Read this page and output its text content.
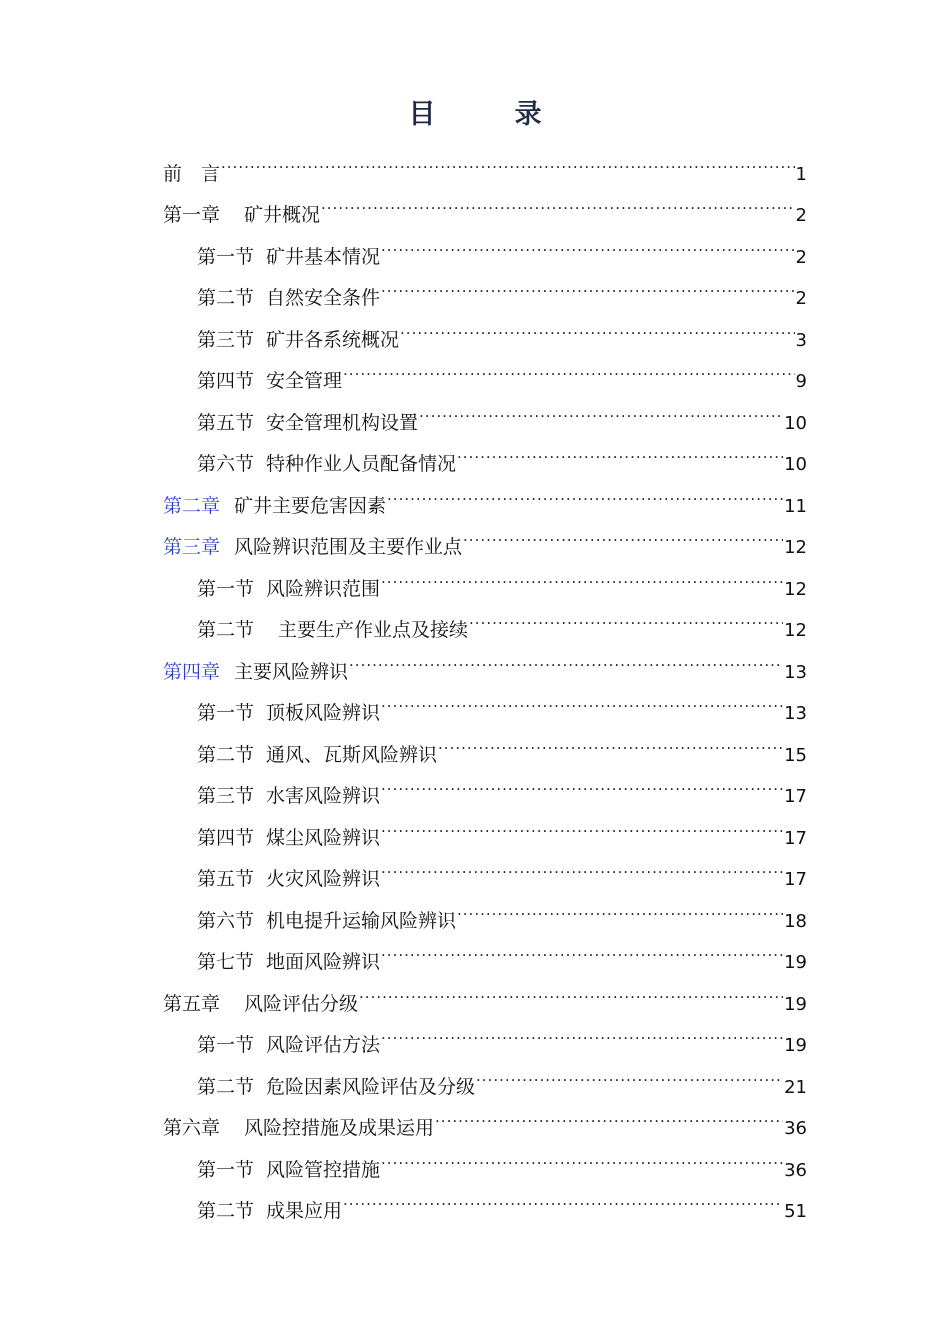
目　录
前　言 .....	1
第一章 矿井概况 .....	2
第一节 矿井基本情况 .....	2
第二节 自然安全条件 .....	2
第三节 矿井各系统概况 .....	3
第四节 安全管理 .....	9
第五节 安全管理机构设置 .....	10
第六节 特种作业人员配备情况 .....	10
第二章 矿井主要危害因素 .....	11
第三章 风险辨识范围及主要作业点 .....	12
第一节 风险辨识范围 .....	12
第二节 主要生产作业点及接续 .....	12
第四章 主要风险辨识 .....	13
第一节 顶板风险辨识 .....	13
第二节 通风、瓦斯风险辨识 .....	15
第三节 水害风险辨识 .....	17
第四节 煤尘风险辨识 .....	17
第五节 火灾风险辨识 .....	17
第六节 机电提升运输风险辨识 .....	18
第七节 地面风险辨识 .....	19
第五章 风险评估分级 .....	19
第一节 风险评估方法 .....	19
第二节 危险因素风险评估及分级 .....	21
第六章 风险控措施及成果运用 .....	36
第一节 风险管控措施 .....	36
第二节 成果应用 .....	51
